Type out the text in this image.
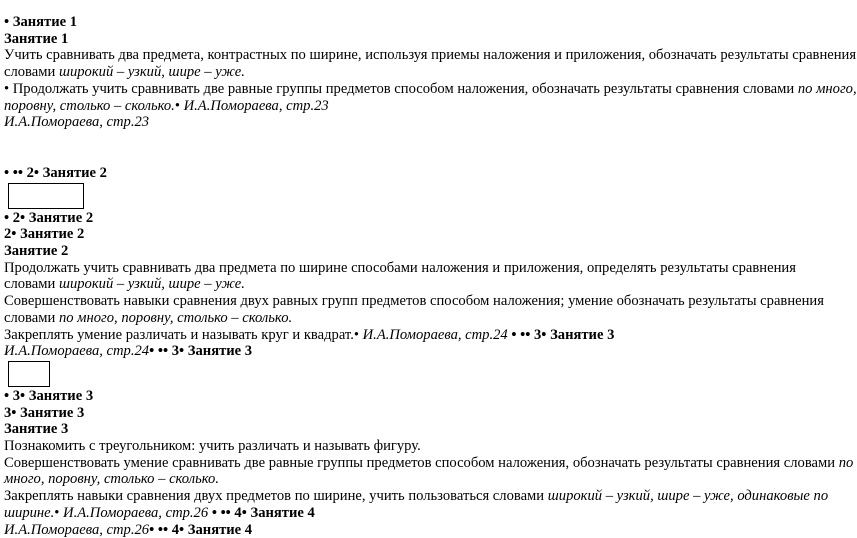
• Занятие 1
Занятие 1
Учить сравнивать два предмета, контрастных по ширине, используя приемы наложения и приложения, обозначать результаты сравнения
словами широкий – узкий, шире – уже.
• Продолжать учить сравнивать две равные группы предметов способом наложения, обозначать результаты сравнения словами по много,
поровну, столько – сколько.• И.А.Помораева, стр.23
И.А.Помораева, стр.23
• •• 2• Занятие 2
• 2• Занятие 2
2• Занятие 2
Занятие 2
Продолжать учить сравнивать два предмета по ширине способами наложения и приложения, определять результаты сравнения
словами широкий – узкий, шире – уже.
Совершенствовать навыки сравнения двух равных групп предметов способом наложения; умение обозначать результаты сравнения
словами по много, поровну, столько – сколько.
Закреплять умение различать и называть круг и квадрат.• И.А.Помораева, стр.24 • •• 3• Занятие 3
И.А.Помораева, стр.24• •• 3• Занятие 3
• 3• Занятие 3
3• Занятие 3
Занятие 3
Познакомить с треугольником: учить различать и называть фигуру.
Совершенствовать умение сравнивать две равные группы предметов способом наложения, обозначать результаты сравнения словами по
много, поровну, столько – сколько.
Закреплять навыки сравнения двух предметов по ширине, учить пользоваться словами широкий – узкий, шире – уже, одинаковые по
ширине.• И.А.Помораева, стр.26 • •• 4• Занятие 4
И.А.Помораева, стр.26• •• 4• Занятие 4
